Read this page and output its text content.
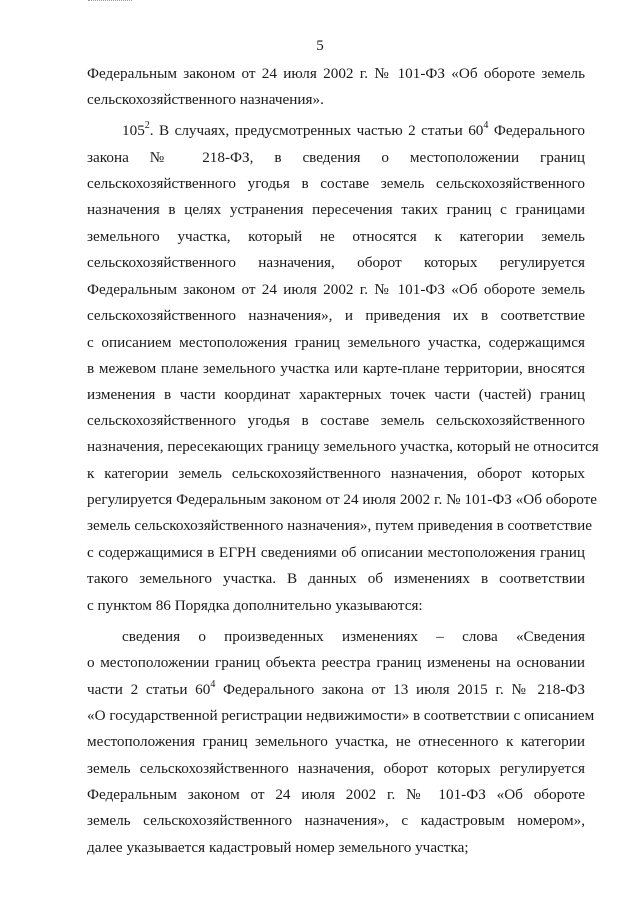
5
Федеральным законом от 24 июля 2002 г. № 101-ФЗ «Об обороте земель
сельскохозяйственного назначения».
$105^2$. В случаях, предусмотренных частью 2 статьи $60^4$ Федерального
закона № 218-ФЗ, в сведения о местоположении границ
сельскохозяйственного угодья в составе земель сельскохозяйственного
назначения в целях устранения пересечения таких границ с границами
земельного участка, который не относятся к категории земель
сельскохозяйственного назначения, оборот которых регулируется
Федеральным законом от 24 июля 2002 г. № 101-ФЗ «Об обороте земель
сельскохозяйственного назначения», и приведения их в соответствие
с описанием местоположения границ земельного участка, содержащимся
в межевом плане земельного участка или карте-плане территории, вносятся
изменения в части координат характерных точек части (частей) границ
сельскохозяйственного угодья в составе земель сельскохозяйственного
назначения, пересекающих границу земельного участка, который не относится
к категории земель сельскохозяйственного назначения, оборот которых
регулируется Федеральным законом от 24 июля 2002 г. № 101-ФЗ «Об обороте
земель сельскохозяйственного назначения», путем приведения в соответствие
с содержащимися в ЕГРН сведениями об описании местоположения границ
такого земельного участка. В данных об изменениях в соответствии
с пунктом 86 Порядка дополнительно указываются:
сведения о произведенных изменениях – слова «Сведения
о местоположении границ объекта реестра границ изменены на основании
части 2 статьи $60^4$ Федерального закона от 13 июля 2015 г. № 218-ФЗ
«О государственной регистрации недвижимости» в соответствии с описанием
местоположения границ земельного участка, не отнесенного к категории
земель сельскохозяйственного назначения, оборот которых регулируется
Федеральным законом от 24 июля 2002 г. № 101-ФЗ «Об обороте
земель сельскохозяйственного назначения», с кадастровым номером»,
далее указывается кадастровый номер земельного участка;
